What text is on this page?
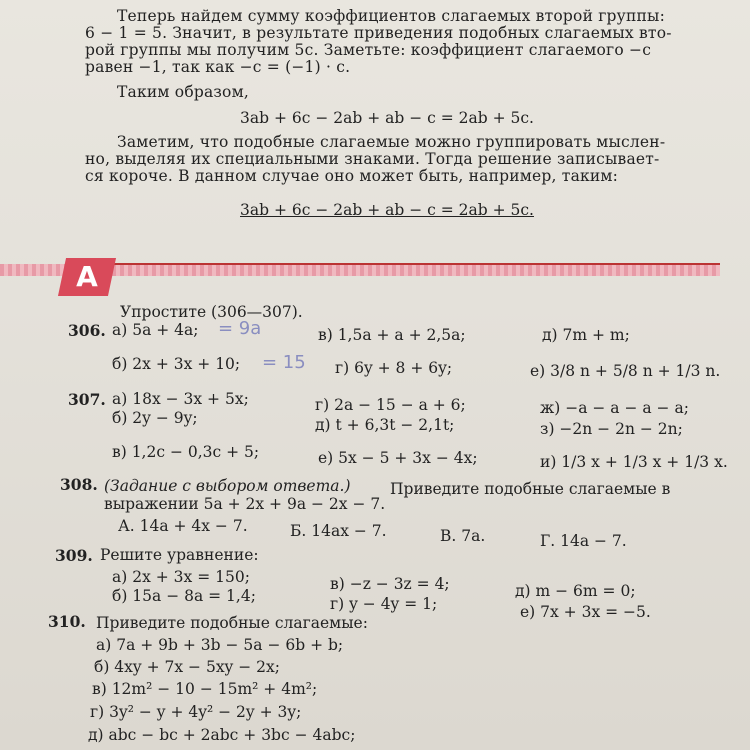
Теперь найдем сумму коэффициентов слагаемых второй группы:
6 − 1 = 5. Значит, в результате приведения подобных слагаемых вто-
рой группы мы получим 5c. Заметьте: коэффициент слагаемого −c
равен −1, так как −c = (−1) · c.
Таким образом,
3ab + 6c − 2ab + ab − c = 2ab + 5c.
Заметим, что подобные слагаемые можно группировать мыслен-
но, выделяя их специальными знаками. Тогда решение записывает-
ся короче. В данном случае оно может быть, например, таким:
3ab + 6c − 2ab + ab − c = 2ab + 5c.
A
Упростите (306—307).
306. а) 5a + 4a; = 9a	в) 1,5a + a + 2,5a;	д) 7m + m;
б) 2x + 3x + 10; = 15 г) 6y + 8 + 6y;	е) 3/8 n + 5/8 n + 1/3 n.
307. а) 18x − 3x + 5x;	г) 2a − 15 − a + 6;	ж) −a − a − a − a;
б) 2y − 9y;	д) t + 6,3t − 2,1t;	з) −2n − 2n − 2n;
в) 1,2c − 0,3c + 5;	е) 5x − 5 + 3x − 4x;	и) 1/3 x + 1/3 x + 1/3 x.
308. (Задание с выбором ответа.)	Приведите подобные слагаемые в
выражении 5a + 2x + 9a − 2x − 7.
А. 14a + 4x − 7.	Б. 14ax − 7.	В. 7a.	Г. 14a − 7.
309. Решите уравнение:
а) 2x + 3x = 150;	в) −z − 3z = 4;	д) m − 6m = 0;
б) 15a − 8a = 1,4;	г) y − 4y = 1;	е) 7x + 3x = −5.
310. Приведите подобные слагаемые:
а) 7a + 9b + 3b − 5a − 6b + b;
б) 4xy + 7x − 5xy − 2x;
в) 12m² − 10 − 15m² + 4m²;
г) 3y² − y + 4y² − 2y + 3y;
д) abc − bc + 2abc + 3bc − 4abc;
